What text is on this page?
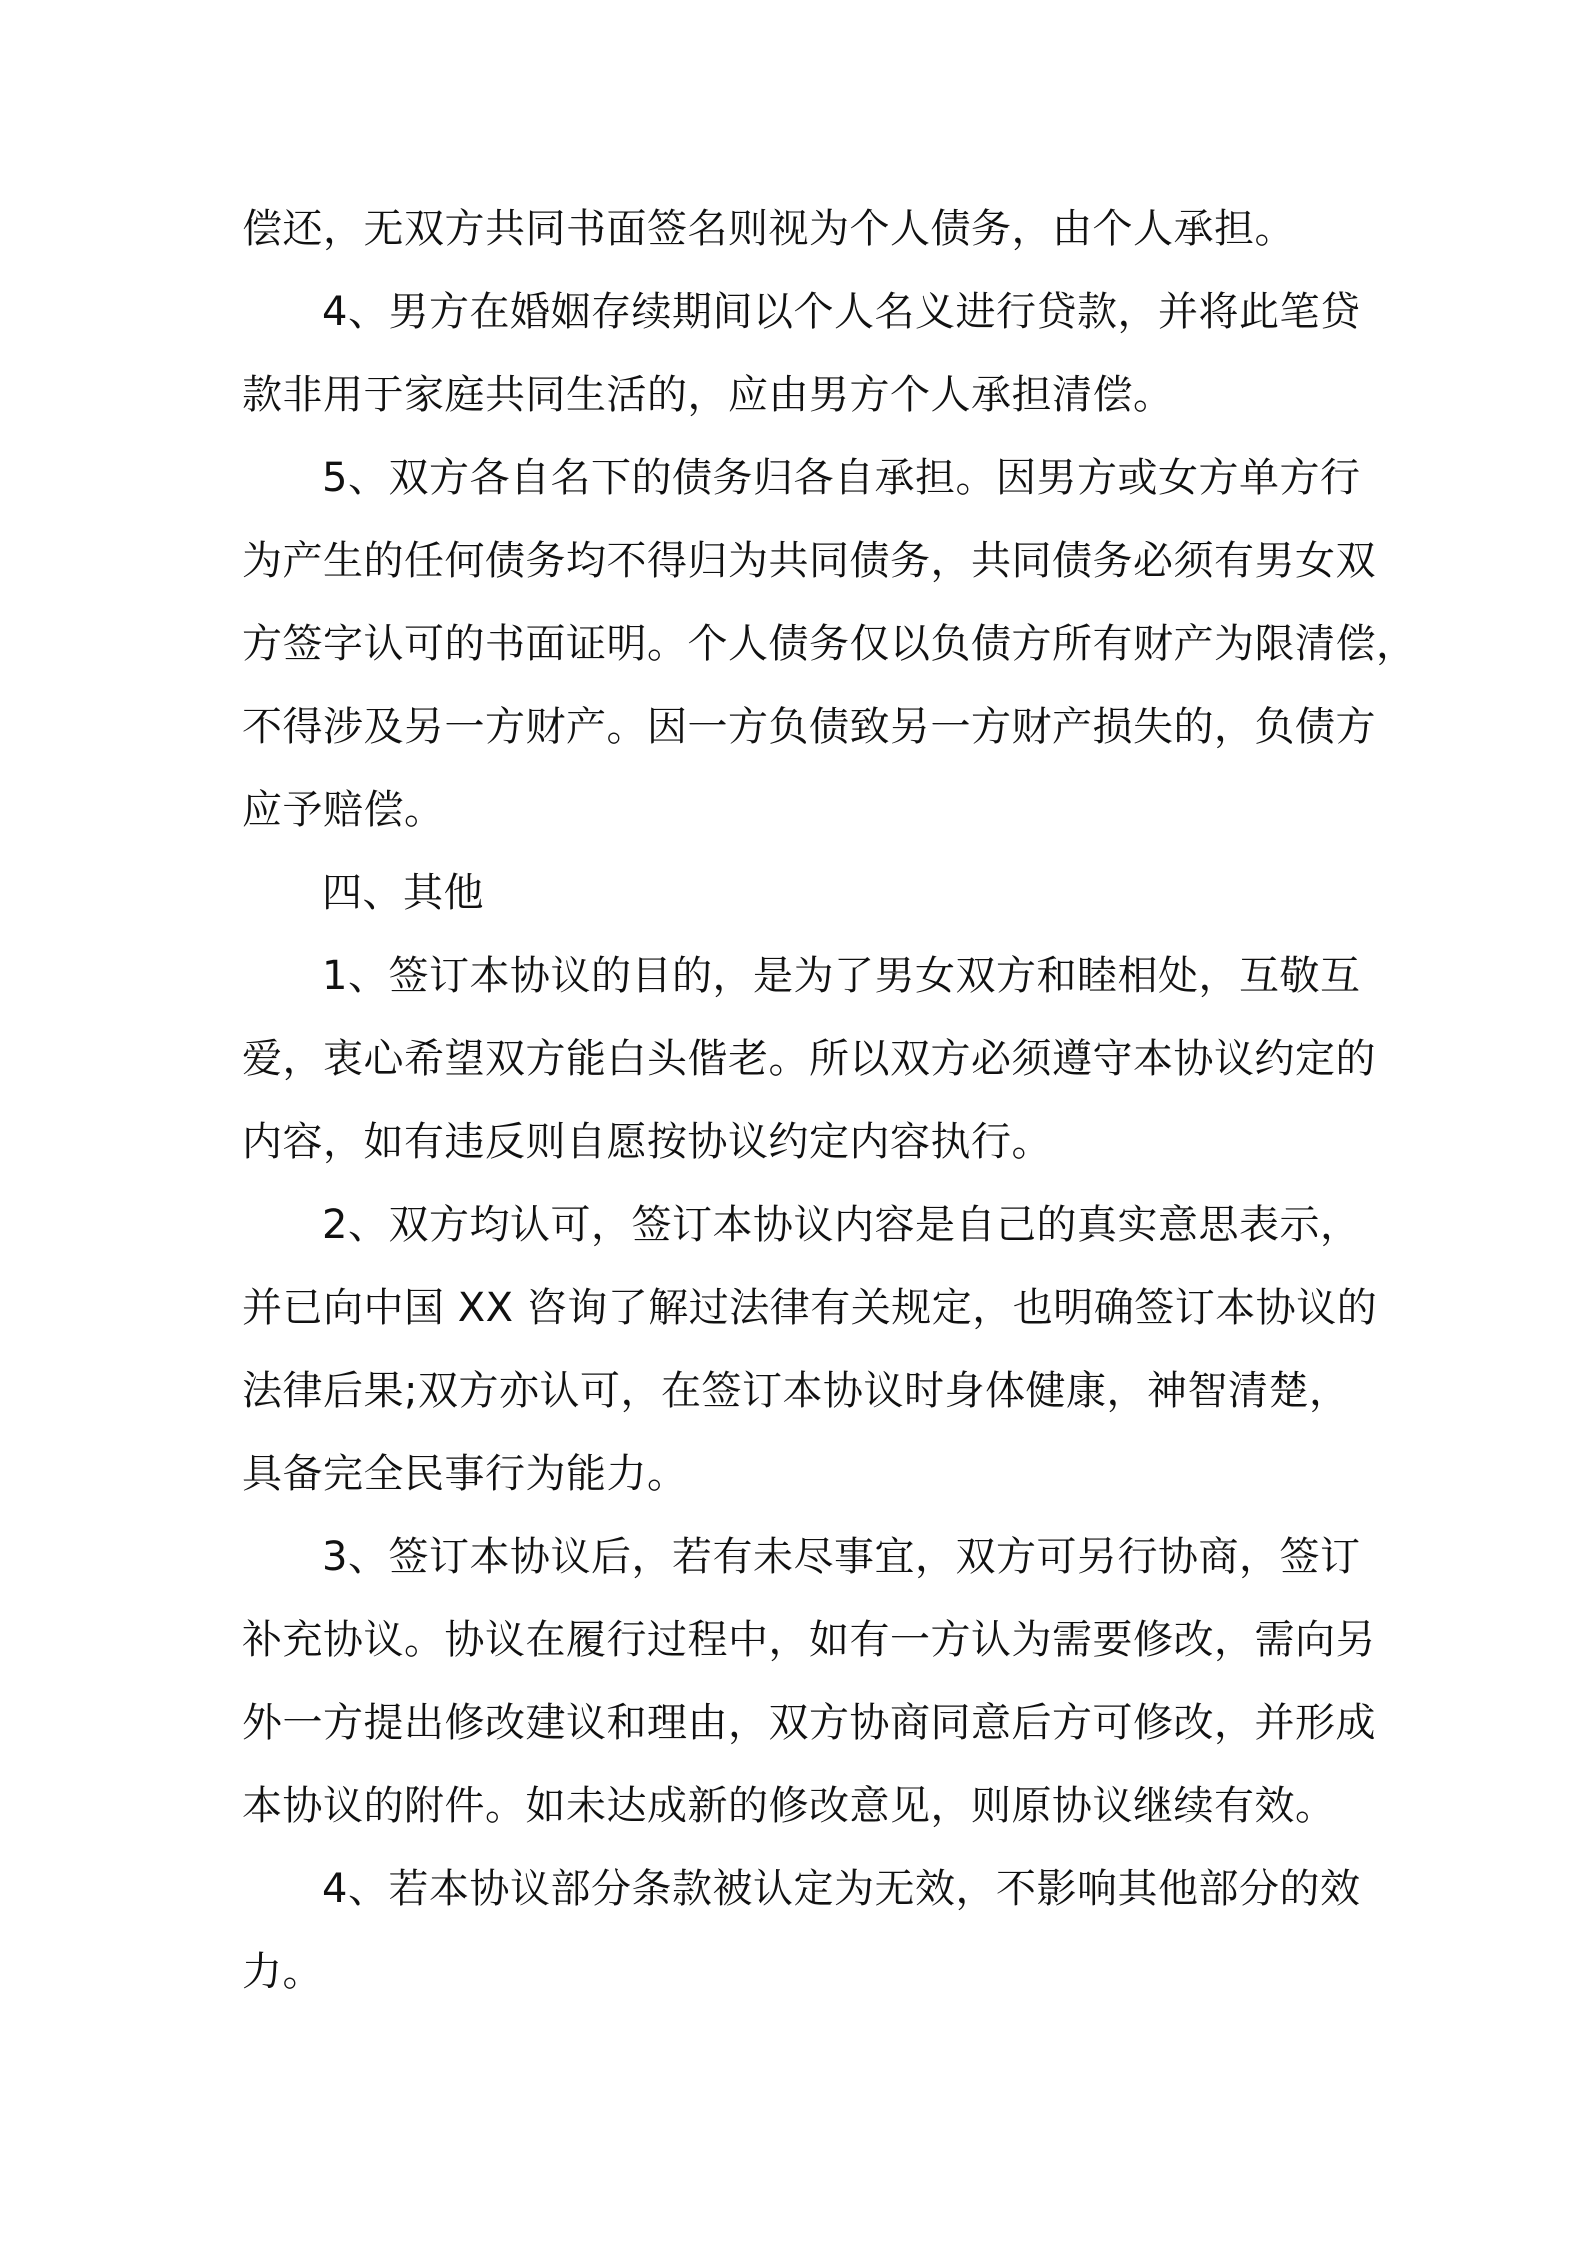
偿还，无双方共同书面签名则视为个人债务，由个人承担。
4、男方在婚姻存续期间以个人名义进行贷款，并将此笔贷
款非用于家庭共同生活的，应由男方个人承担清偿。
5、双方各自名下的债务归各自承担。因男方或女方单方行
为产生的任何债务均不得归为共同债务，共同债务必须有男女双
方签字认可的书面证明。个人债务仅以负债方所有财产为限清偿，
不得涉及另一方财产。因一方负债致另一方财产损失的，负债方
应予赔偿。
四、其他
1、签订本协议的目的，是为了男女双方和睦相处，互敬互
爱，衷心希望双方能白头偕老。所以双方必须遵守本协议约定的
内容，如有违反则自愿按协议约定内容执行。
2、双方均认可，签订本协议内容是自己的真实意思表示，
并已向中国 XX 咨询了解过法律有关规定，也明确签订本协议的
法律后果;双方亦认可，在签订本协议时身体健康，神智清楚，
具备完全民事行为能力。
3、签订本协议后，若有未尽事宜，双方可另行协商，签订
补充协议。协议在履行过程中，如有一方认为需要修改，需向另
外一方提出修改建议和理由，双方协商同意后方可修改，并形成
本协议的附件。如未达成新的修改意见，则原协议继续有效。
4、若本协议部分条款被认定为无效，不影响其他部分的效
力。
